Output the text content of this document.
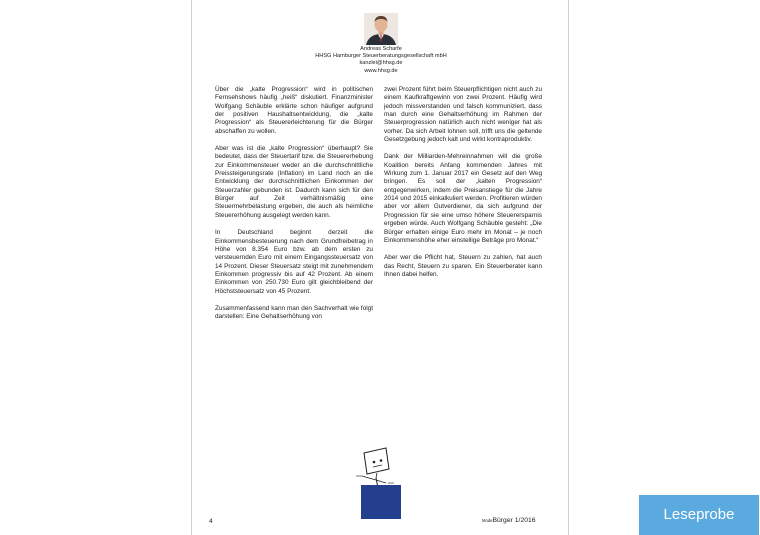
Andreas Scharfe
HHSG Hamburger Steuerberatungsgesellschaft mbH
kanzlei@hhsg.de
www.hhsg.de

Über die „kalte Progression“ wird in politischen Fernsehshows häufig „heiß“ diskutiert. Finanzminister Wolfgang Schäuble erklärte schon häufiger aufgrund der positiven Haushaltsentwicklung, die „kalte Progression“ als Steuererleichterung für die Bürger abschaffen zu wollen.

Aber was ist die „kalte Progression“ überhaupt? Sie bedeutet, dass der Steuertarif bzw. die Steuererhebung zur Einkommensteuer weder an die durchschnittliche Preissteigerungsrate (Inflation) im Land noch an die Entwicklung der durchschnittlichen Einkommen der Steuerzahler gebunden ist. Dadurch kann sich für den Bürger auf Zeit verhältnismäßig eine Steuermehrbelastung ergeben, die auch als heimliche Steuererhöhung ausgelegt werden kann.

In Deutschland beginnt derzeit die Einkommensbesteuerung nach dem Grundfreibetrag in Höhe von 8.354 Euro bzw. ab dem ersten zu versteuernden Euro mit einem Eingangssteuersatz von 14 Prozent. Dieser Steuersatz steigt mit zunehmendem Einkommen progressiv bis auf 42 Prozent. Ab einem Einkommen von 250.730 Euro gilt gleichbleibend der Höchststeuersatz von 45 Prozent.

Zusammenfassend kann man den Sachverhalt wie folgt darstellen: Eine Gehaltserhöhung von

zwei Prozent führt beim Steuerpflichtigen nicht auch zu einem Kaufkraftgewinn von zwei Prozent. Häufig wird jedoch missverstanden und falsch kommuniziert, dass man durch eine Gehaltserhöhung im Rahmen der Steuerprogression natürlich auch nicht weniger hat als vorher. Da sich Arbeit lohnen soll, trifft uns die geltende Gesetzgebung jedoch kalt und wirkt kontraproduktiv.

Dank der Milliarden-Mehreinnahmen will die große Koalition bereits Anfang kommenden Jahres mit Wirkung zum 1. Januar 2017 ein Gesetz auf den Weg bringen. Es soll der „kalten Progression“ entgegenwirken, indem die Preisanstiege für die Jahre 2014 und 2015 einkalkuliert werden. Profitieren würden aber vor allem Gutverdiener, da sich aufgrund der Progression für sie eine umso höhere Steuerersparnis ergeben würde. Auch Wolfgang Schäuble gesteht: „Die Bürger erhalten einige Euro mehr im Monat – je noch Einkommenshöhe eher einstellige Beträge pro Monat.“

Aber wer die Pflicht hat, Steuern zu zahlen, hat auch das Recht, Steuern zu sparen. Ein Steuerberater kann Ihnen dabei helfen.

4	ModeBürger 1/2016	Leseprobe
